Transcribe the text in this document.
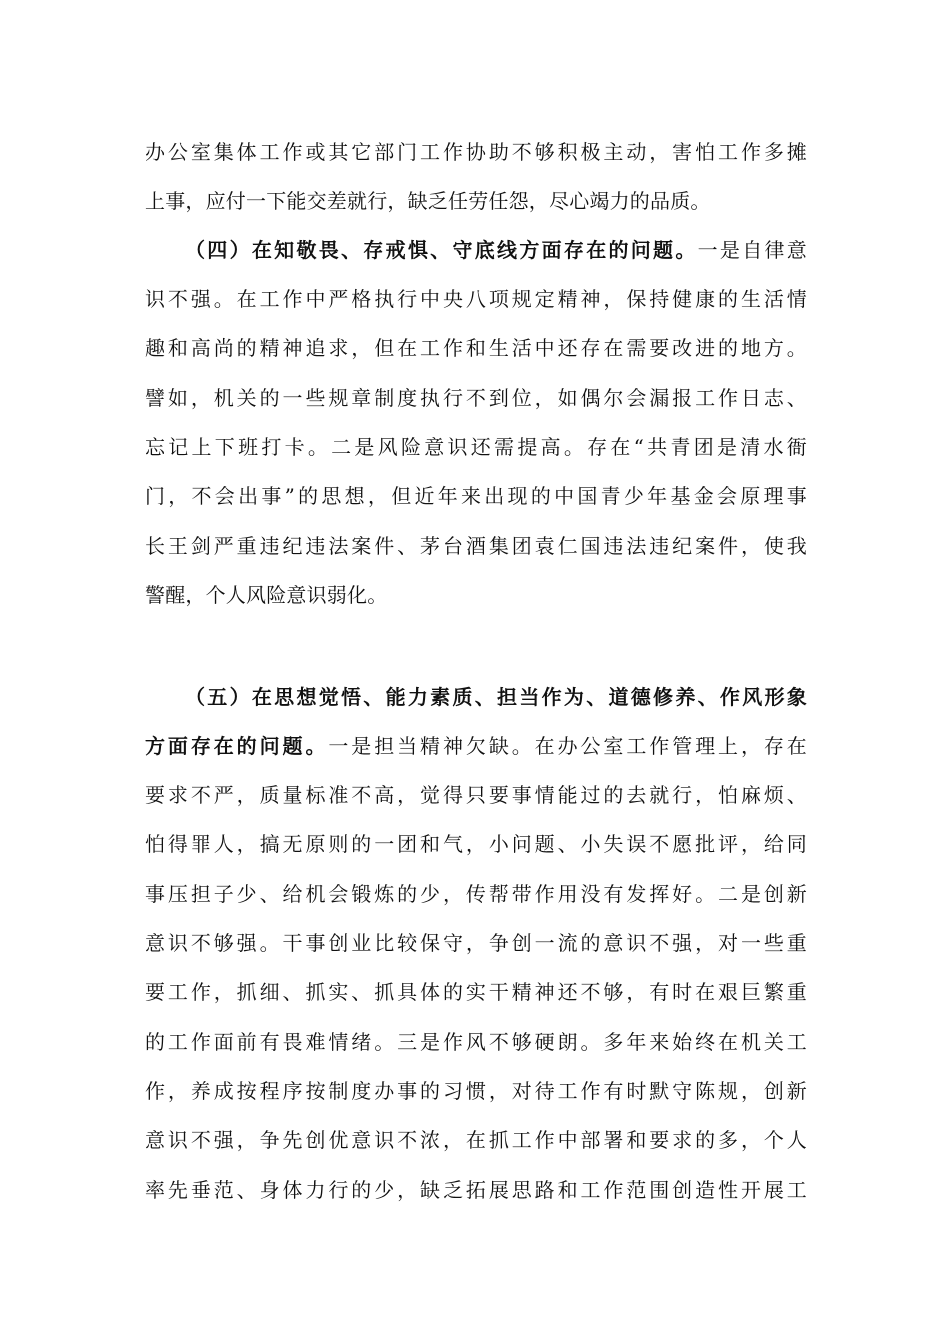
办公室集体工作或其它部门工作协助不够积极主动，害怕工作多摊
上事，应付一下能交差就行，缺乏任劳任怨，尽心竭力的品质。
（四）在知敬畏、存戒惧、守底线方面存在的问题。一是自律意
识不强。在工作中严格执行中央八项规定精神，保持健康的生活情
趣和高尚的精神追求，但在工作和生活中还存在需要改进的地方。
譬如，机关的一些规章制度执行不到位，如偶尔会漏报工作日志、
忘记上下班打卡。二是风险意识还需提高。存在“共青团是清水衙
门，不会出事”的思想，但近年来出现的中国青少年基金会原理事
长王剑严重违纪违法案件、茅台酒集团袁仁国违法违纪案件，使我
警醒，个人风险意识弱化。
（五）在思想觉悟、能力素质、担当作为、道德修养、作风形象
方面存在的问题。一是担当精神欠缺。在办公室工作管理上，存在
要求不严，质量标准不高，觉得只要事情能过的去就行，怕麻烦、
怕得罪人，搞无原则的一团和气，小问题、小失误不愿批评，给同
事压担子少、给机会锻炼的少，传帮带作用没有发挥好。二是创新
意识不够强。干事创业比较保守，争创一流的意识不强，对一些重
要工作，抓细、抓实、抓具体的实干精神还不够，有时在艰巨繁重
的工作面前有畏难情绪。三是作风不够硬朗。多年来始终在机关工
作，养成按程序按制度办事的习惯，对待工作有时默守陈规，创新
意识不强，争先创优意识不浓，在抓工作中部署和要求的多，个人
率先垂范、身体力行的少，缺乏拓展思路和工作范围创造性开展工
